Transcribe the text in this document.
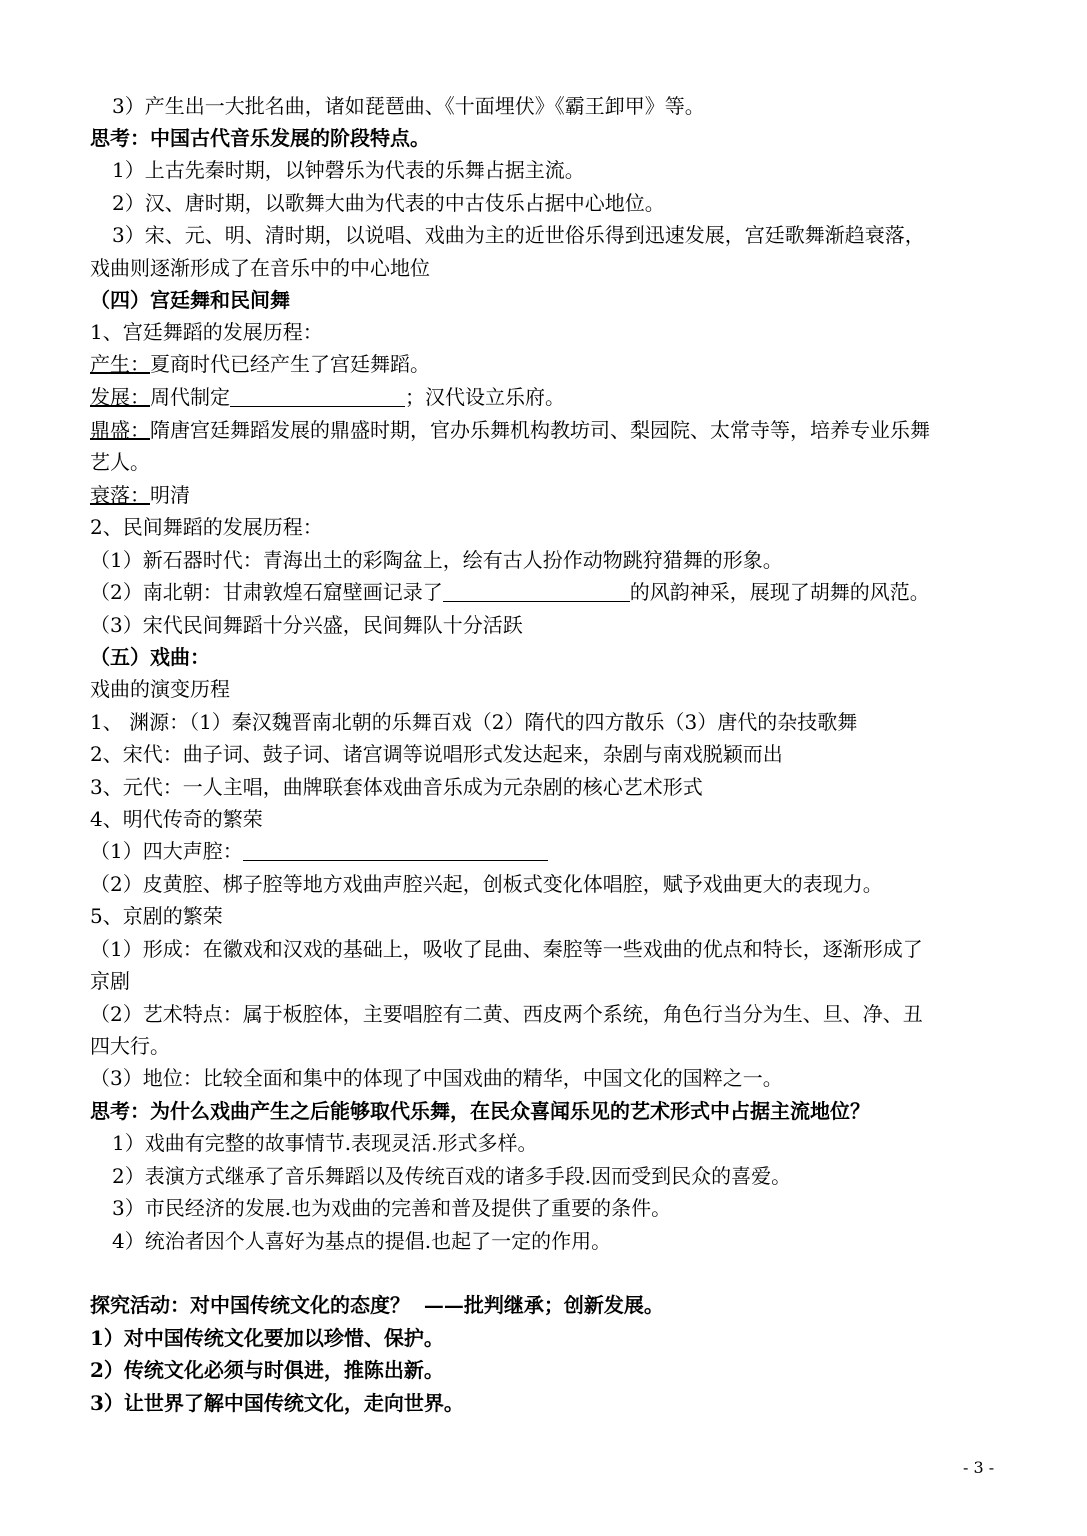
3）产生出一大批名曲，诸如琵琶曲、《十面埋伏》《霸王卸甲》等。
思考：中国古代音乐发展的阶段特点。
1）上古先秦时期，以钟磬乐为代表的乐舞占据主流。
2）汉、唐时期，以歌舞大曲为代表的中古伎乐占据中心地位。
3）宋、元、明、清时期，以说唱、戏曲为主的近世俗乐得到迅速发展，宫廷歌舞渐趋衰落，
戏曲则逐渐形成了在音乐中的中心地位
（四）宫廷舞和民间舞
1、宫廷舞蹈的发展历程：
产生：夏商时代已经产生了宫廷舞蹈。
发展：周代制定	；汉代设立乐府。
鼎盛：隋唐宫廷舞蹈发展的鼎盛时期，官办乐舞机构教坊司、梨园院、太常寺等，培养专业乐舞
艺人。
衰落：明清
2、民间舞蹈的发展历程：
（1）新石器时代：青海出土的彩陶盆上，绘有古人扮作动物跳狩猎舞的形象。
（2）南北朝：甘肃敦煌石窟壁画记录了	的风韵神采，展现了胡舞的风范。
（3）宋代民间舞蹈十分兴盛，民间舞队十分活跃
（五）戏曲：
戏曲的演变历程
1、 渊源：（1）秦汉魏晋南北朝的乐舞百戏（2）隋代的四方散乐（3）唐代的杂技歌舞
2、宋代：曲子词、鼓子词、诸宫调等说唱形式发达起来，杂剧与南戏脱颖而出
3、元代：一人主唱，曲牌联套体戏曲音乐成为元杂剧的核心艺术形式
4、明代传奇的繁荣
（1）四大声腔：
（2）皮黄腔、梆子腔等地方戏曲声腔兴起，创板式变化体唱腔，赋予戏曲更大的表现力。
5、京剧的繁荣
（1）形成：在徽戏和汉戏的基础上，吸收了昆曲、秦腔等一些戏曲的优点和特长，逐渐形成了
京剧
（2）艺术特点：属于板腔体，主要唱腔有二黄、西皮两个系统，角色行当分为生、旦、净、丑
四大行。
（3）地位：比较全面和集中的体现了中国戏曲的精华，中国文化的国粹之一。
思考：为什么戏曲产生之后能够取代乐舞，在民众喜闻乐见的艺术形式中占据主流地位？
1）戏曲有完整的故事情节.表现灵活.形式多样。
2）表演方式继承了音乐舞蹈以及传统百戏的诸多手段.因而受到民众的喜爱。
3）市民经济的发展.也为戏曲的完善和普及提供了重要的条件。
4）统治者因个人喜好为基点的提倡.也起了一定的作用。
探究活动：对中国传统文化的态度？  ——批判继承；创新发展。
1）对中国传统文化要加以珍惜、保护。
2）传统文化必须与时俱进，推陈出新。
3）让世界了解中国传统文化，走向世界。
- 3 -
